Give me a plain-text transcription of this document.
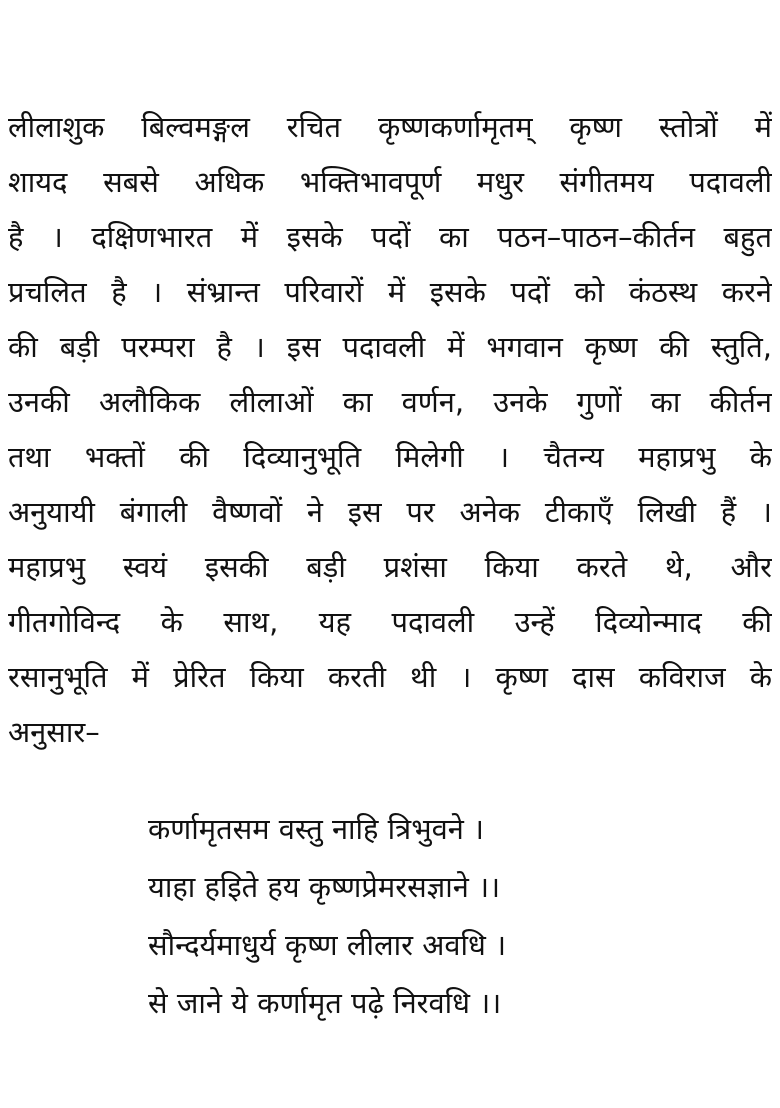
लीलाशुक बिल्वमङ्गल रचित कृष्णकर्णामृतम् कृष्ण स्तोत्रों में
शायद सबसे अधिक भक्तिभावपूर्ण मधुर संगीतमय पदावली
है । दक्षिणभारत में इसके पदों का पठन–पाठन–कीर्तन बहुत
प्रचलित है । संभ्रान्त परिवारों में इसके पदों को कंठस्थ करने
की बड़ी परम्परा है । इस पदावली में भगवान कृष्ण की स्तुति,
उनकी अलौकिक लीलाओं का वर्णन, उनके गुणों का कीर्तन
तथा भक्तों की दिव्यानुभूति मिलेगी । चैतन्य महाप्रभु के
अनुयायी बंगाली वैष्णवों ने इस पर अनेक टीकाएँ लिखी हैं ।
महाप्रभु स्वयं इसकी बड़ी प्रशंसा किया करते थे, और
गीतगोविन्द के साथ, यह पदावली उन्हें दिव्योन्माद की
रसानुभूति में प्रेरित किया करती थी । कृष्ण दास कविराज के
अनुसार–
कर्णामृतसम वस्तु नाहि त्रिभुवने ।
याहा हइिते हय कृष्णप्रेमरसज्ञाने ।।
सौन्दर्यमाधुर्य कृष्ण लीलार अवधि ।
से जाने ये कर्णामृत पढ़े निरवधि ।।
